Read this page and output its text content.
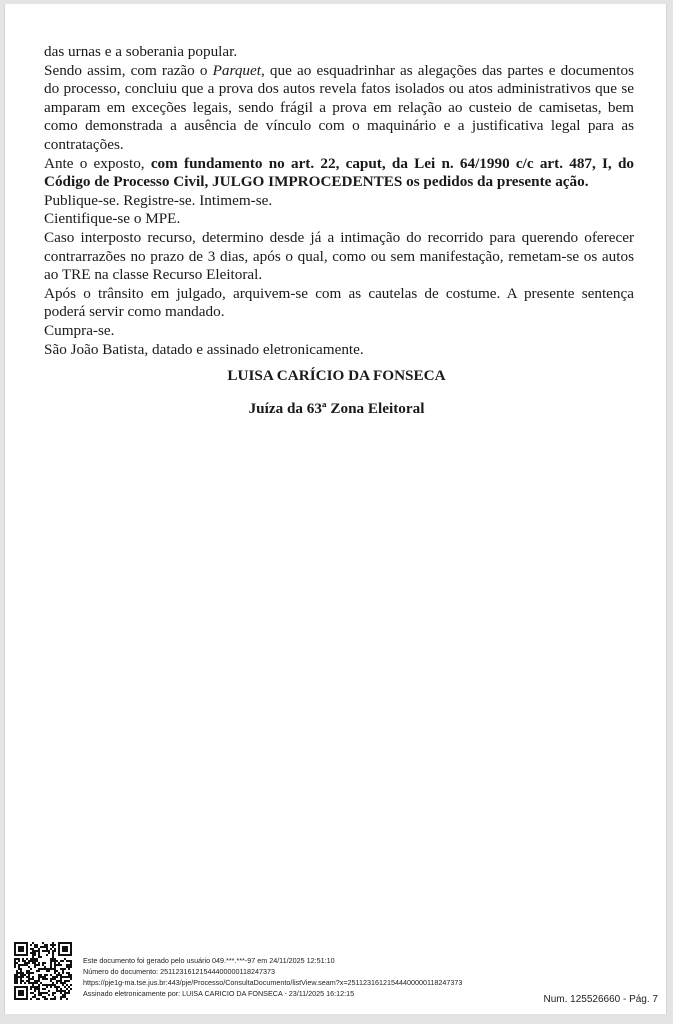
das urnas e a soberania popular.

Sendo assim, com razão o Parquet, que ao esquadrinhar as alegações das partes e documentos do processo, concluiu que a prova dos autos revela fatos isolados ou atos administrativos que se amparam em exceções legais, sendo frágil a prova em relação ao custeio de camisetas, bem como demonstrada a ausência de vínculo com o maquinário e a justificativa legal para as contratações.

Ante o exposto, com fundamento no art. 22, caput, da Lei n. 64/1990 c/c art. 487, I, do Código de Processo Civil, JULGO IMPROCEDENTES os pedidos da presente ação.

Publique-se. Registre-se. Intimem-se.

Cientifique-se o MPE.

Caso interposto recurso, determino desde já a intimação do recorrido para querendo oferecer contrarrazões no prazo de 3 dias, após o qual, como ou sem manifestação, remetam-se os autos ao TRE na classe Recurso Eleitoral.

Após o trânsito em julgado, arquivem-se com as cautelas de costume. A presente sentença poderá servir como mandado.

Cumpra-se.

São João Batista, datado e assinado eletronicamente.

LUISA CARÍCIO DA FONSECA
Juíza da 63ª Zona Eleitoral
Este documento foi gerado pelo usuário 049.***.***-97 em 24/11/2025 12:51:10
Número do documento: 25112316121544400000118247373
https://pje1g-ma.tse.jus.br:443/pje/Processo/ConsultaDocumento/listView.seam?x=25112316121544400000118247373
Assinado eletronicamente por: LUISA CARICIO DA FONSECA - 23/11/2025 16:12:15
Num. 125526660 - Pág. 7
